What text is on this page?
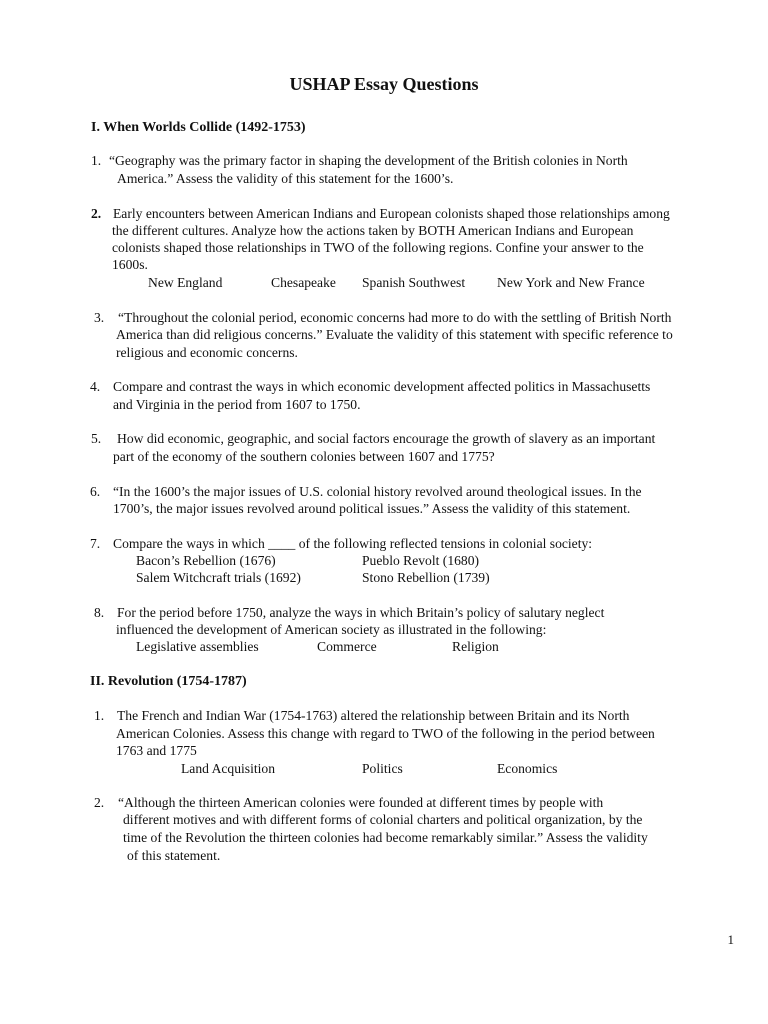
USHAP Essay Questions
I. When Worlds Collide (1492-1753)
1. “Geography was the primary factor in shaping the development of the British colonies in North
America.” Assess the validity of this statement for the 1600’s.
2. Early encounters between American Indians and European colonists shaped those relationships among
the different cultures. Analyze how the actions taken by BOTH American Indians and European
colonists shaped those relationships in TWO of the following regions. Confine your answer to the
1600s.
New England	Chesapeake Spanish Southwest New York and New France
3. “Throughout the colonial period, economic concerns had more to do with the settling of British North
America than did religious concerns.” Evaluate the validity of this statement with specific reference to
religious and economic concerns.
4. Compare and contrast the ways in which economic development affected politics in Massachusetts
and Virginia in the period from 1607 to 1750.
5. How did economic, geographic, and social factors encourage the growth of slavery as an important
part of the economy of the southern colonies between 1607 and 1775?
6. “In the 1600’s the major issues of U.S. colonial history revolved around theological issues. In the
1700’s, the major issues revolved around political issues.” Assess the validity of this statement.
7. Compare the ways in which ____ of the following reflected tensions in colonial society:
Bacon’s Rebellion (1676)	Pueblo Revolt (1680)
Salem Witchcraft trials (1692)	Stono Rebellion (1739)
8. For the period before 1750, analyze the ways in which Britain’s policy of salutary neglect
influenced the development of American society as illustrated in the following:
Legislative assemblies	Commerce	Religion
II. Revolution (1754-1787)
1. The French and Indian War (1754-1763) altered the relationship between Britain and its North
American Colonies. Assess this change with regard to TWO of the following in the period between
1763 and 1775
Land Acquisition	Politics	Economics
2. “Although the thirteen American colonies were founded at different times by people with
different motives and with different forms of colonial charters and political organization, by the
time of the Revolution the thirteen colonies had become remarkably similar.” Assess the validity
of this statement.
1
